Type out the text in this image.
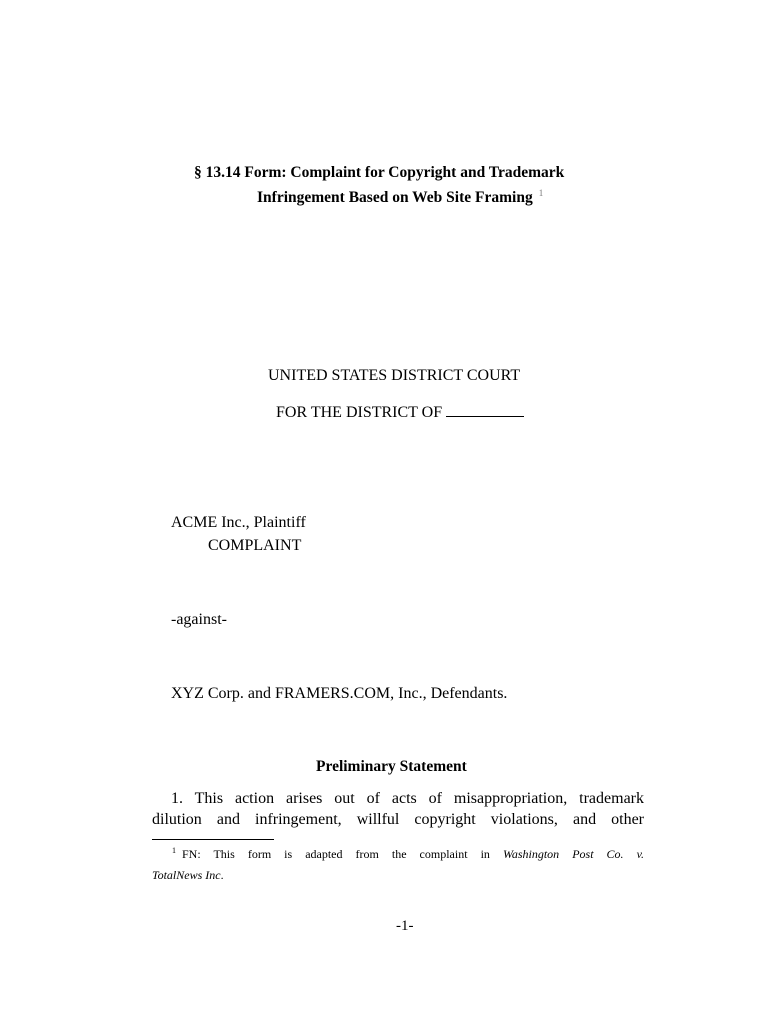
§ 13.14 Form: Complaint for Copyright and Trademark
Infringement Based on Web Site Framing $^1$
UNITED STATES DISTRICT COURT
FOR THE DISTRICT OF
ACME Inc., Plaintiff
COMPLAINT
-against-
XYZ Corp. and FRAMERS.COM, Inc., Defendants.
Preliminary Statement
1. This action arises out of acts of misappropriation, trademark
dilution and infringement, willful copyright violations, and other
$^1$ FN: This form is adapted from the complaint in Washington Post Co. v.
TotalNews Inc.
-1-
